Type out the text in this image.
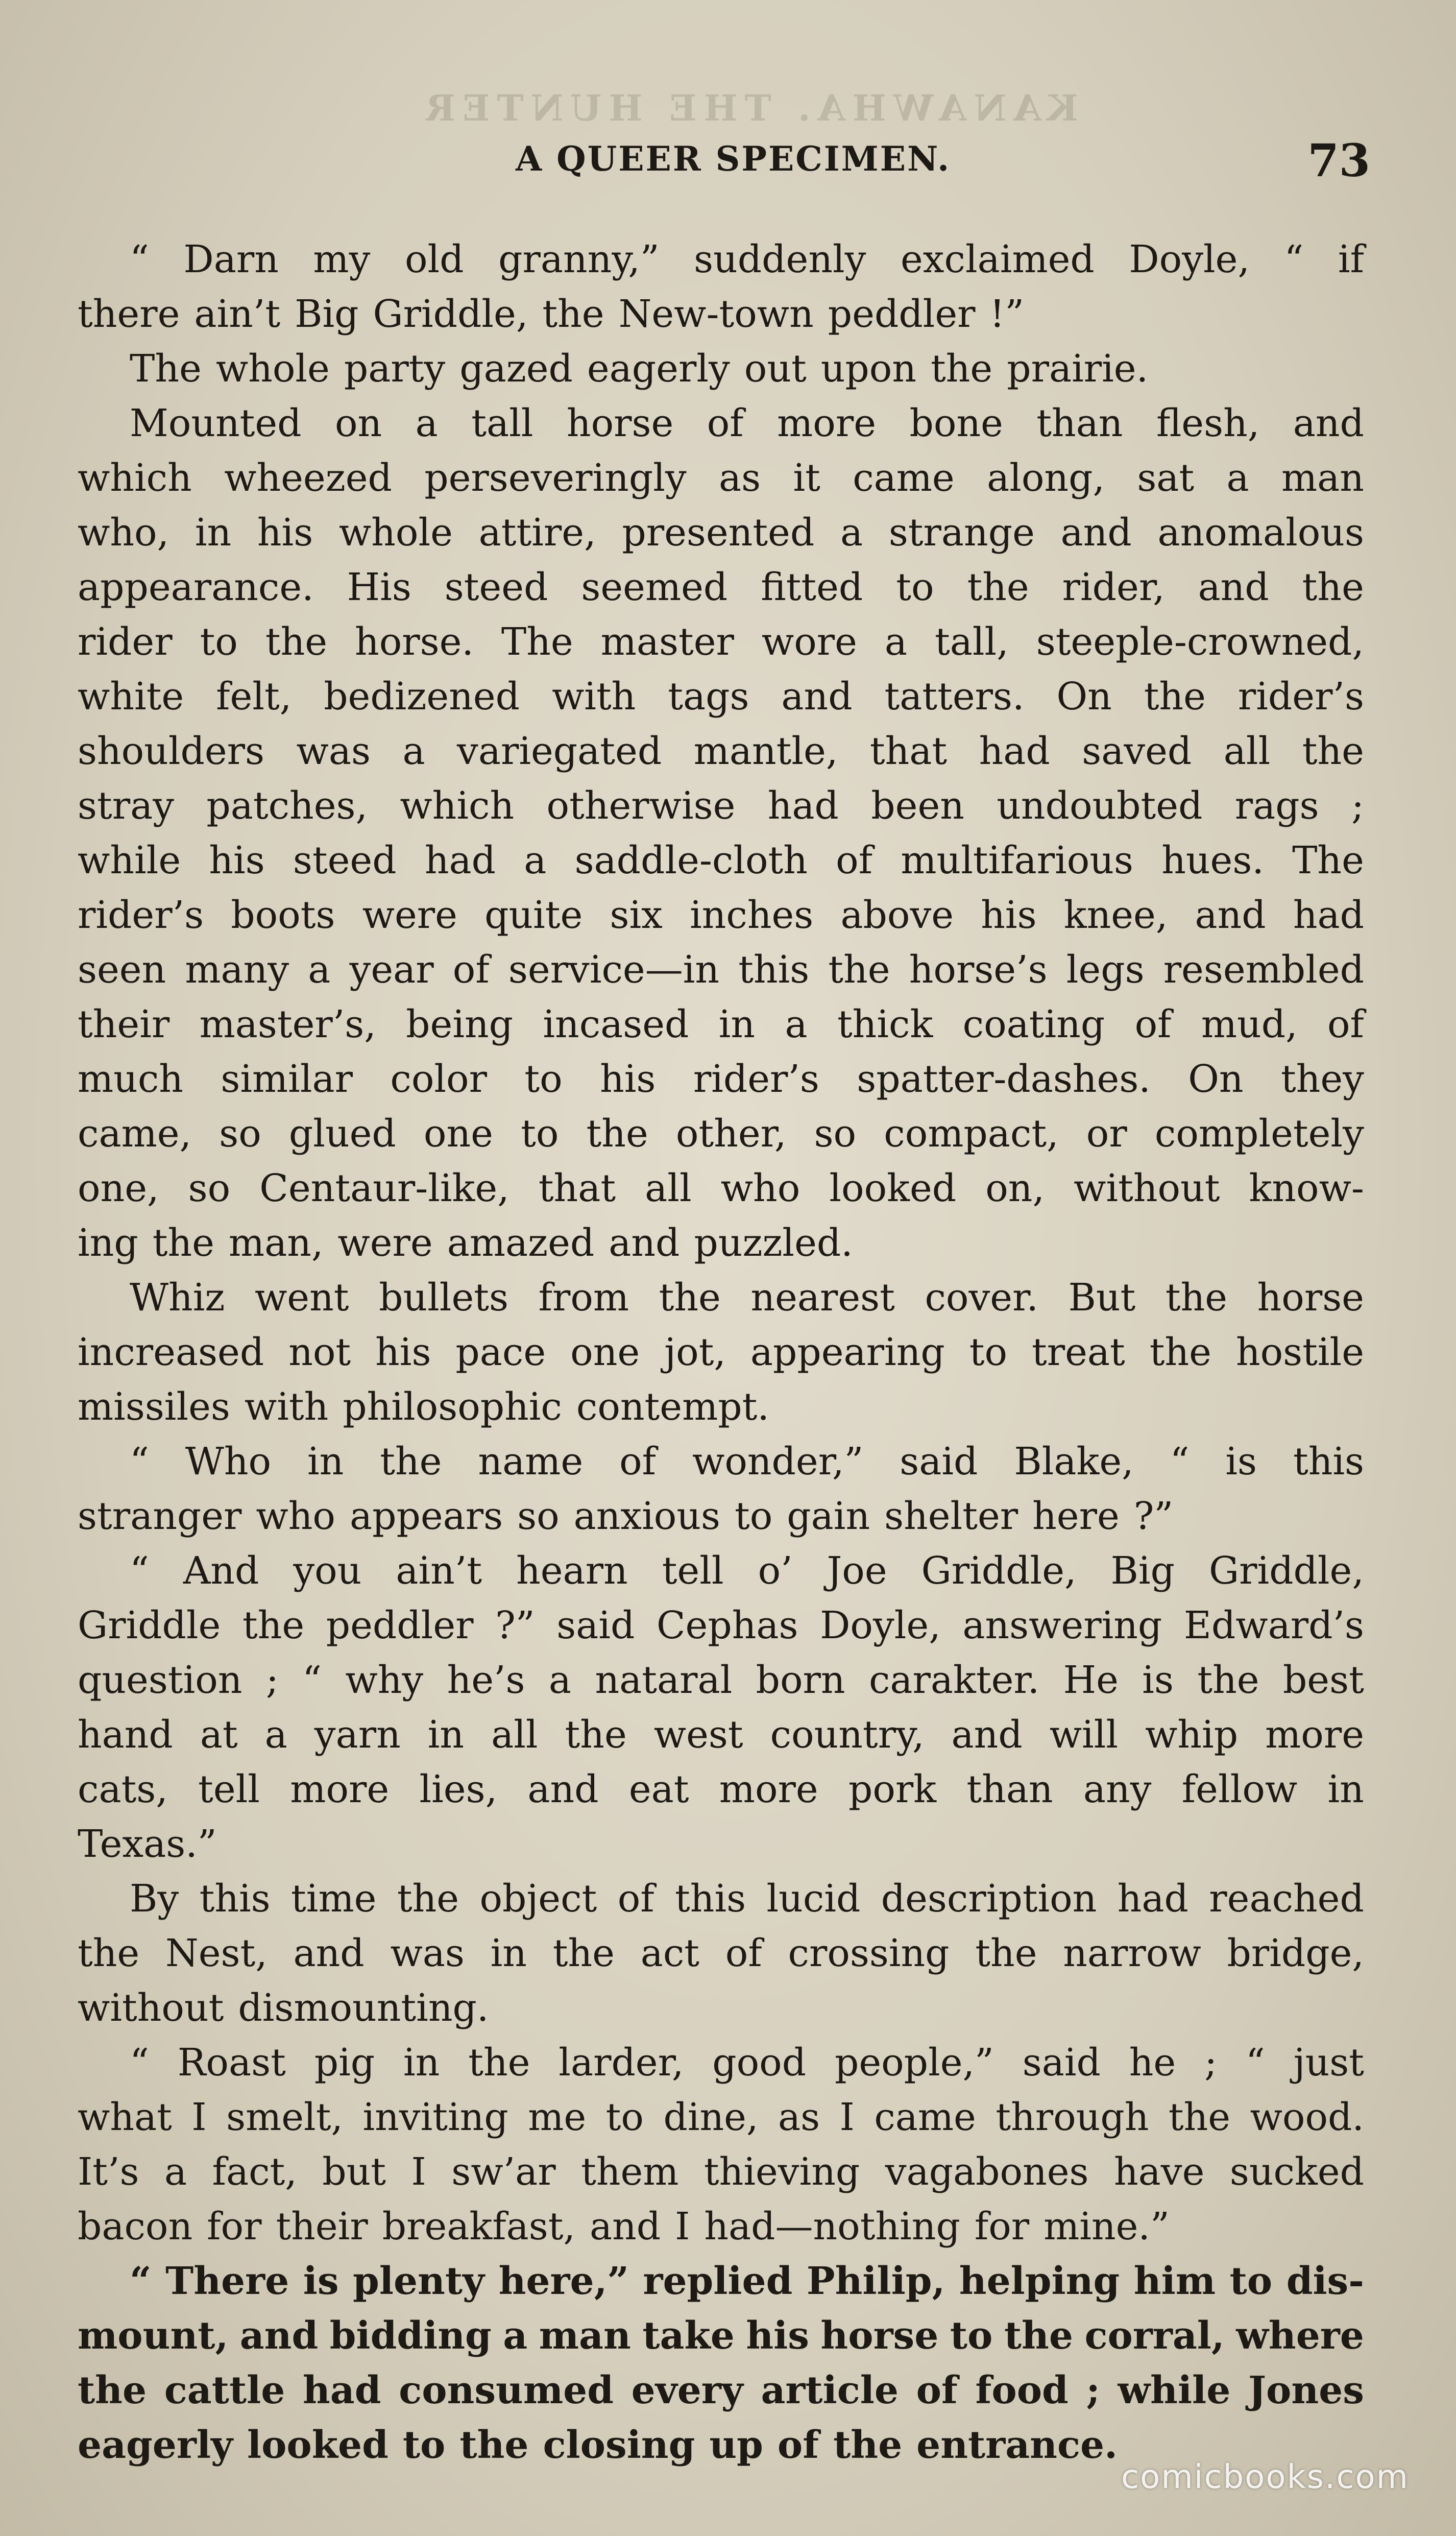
KANAWHA. THE HUNTER
A QUEER SPECIMEN.	73
“ Darn my old granny,” suddenly exclaimed Doyle, “ if
there ain’t Big Griddle, the New-town peddler !”
The whole party gazed eagerly out upon the prairie.
Mounted on a tall horse of more bone than flesh, and
which wheezed perseveringly as it came along, sat a man
who, in his whole attire, presented a strange and anomalous
appearance. His steed seemed fitted to the rider, and the
rider to the horse. The master wore a tall, steeple-crowned,
white felt, bedizened with tags and tatters. On the rider’s
shoulders was a variegated mantle, that had saved all the
stray patches, which otherwise had been undoubted rags ;
while his steed had a saddle-cloth of multifarious hues. The
rider’s boots were quite six inches above his knee, and had
seen many a year of service—in this the horse’s legs resembled
their master’s, being incased in a thick coating of mud, of
much similar color to his rider’s spatter-dashes. On they
came, so glued one to the other, so compact, or completely
one, so Centaur-like, that all who looked on, without know-
ing the man, were amazed and puzzled.
Whiz went bullets from the nearest cover. But the horse
increased not his pace one jot, appearing to treat the hostile
missiles with philosophic contempt.
“ Who in the name of wonder,” said Blake, “ is this
stranger who appears so anxious to gain shelter here ?”
“ And you ain’t hearn tell o’ Joe Griddle, Big Griddle,
Griddle the peddler ?” said Cephas Doyle, answering Edward’s
question ; “ why he’s a nataral born carakter. He is the best
hand at a yarn in all the west country, and will whip more
cats, tell more lies, and eat more pork than any fellow in
Texas.”
By this time the object of this lucid description had reached
the Nest, and was in the act of crossing the narrow bridge,
without dismounting.
“ Roast pig in the larder, good people,” said he ; “ just
what I smelt, inviting me to dine, as I came through the wood.
It’s a fact, but I sw’ar them thieving vagabones have sucked
bacon for their breakfast, and I had—nothing for mine.”
“ There is plenty here,” replied Philip, helping him to dis-
mount, and bidding a man take his horse to the corral, where
the cattle had consumed every article of food ; while Jones
eagerly looked to the closing up of the entrance.
comicbooks.com
